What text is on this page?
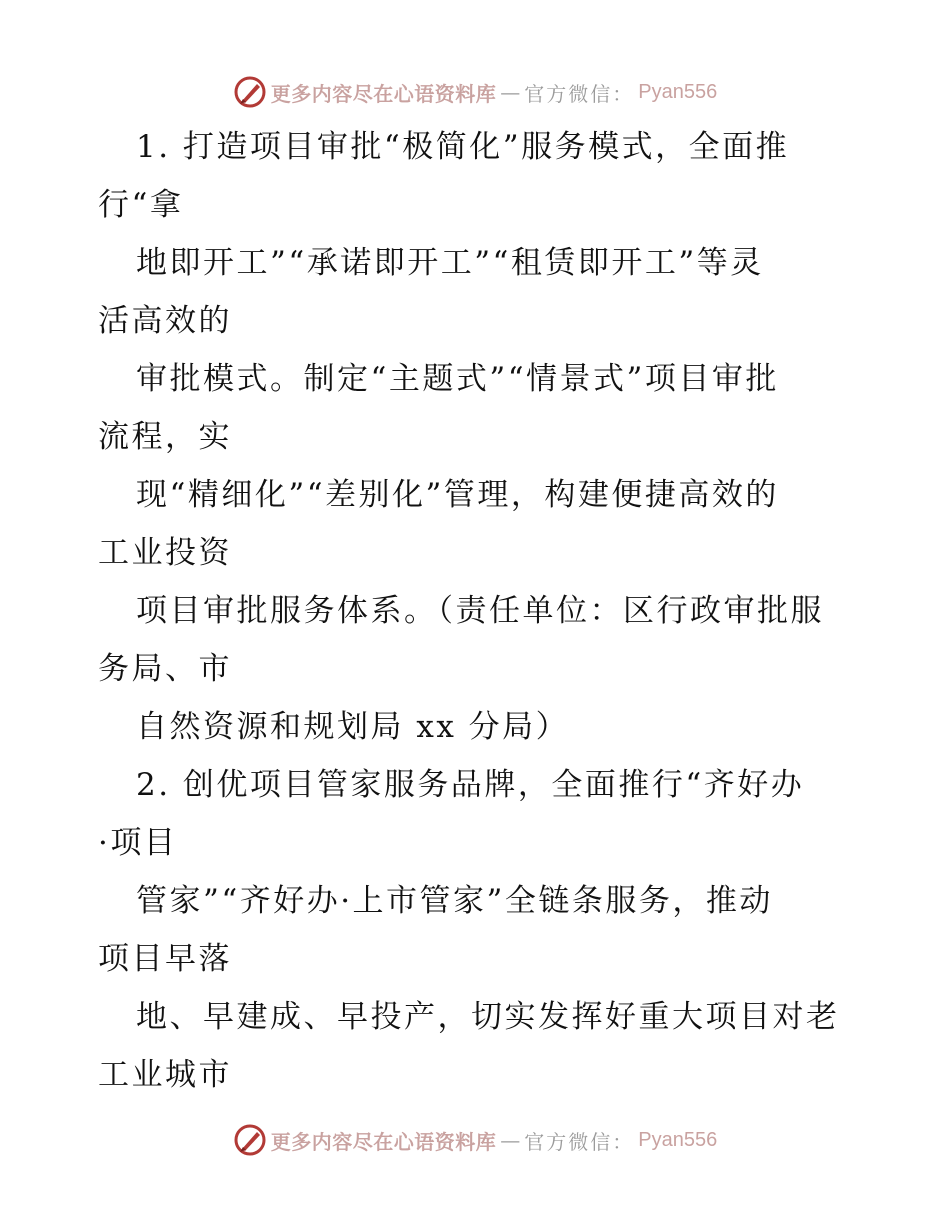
更多内容尽在心语资料库 — 官方微信： Pyan556
1. 打造项目审批“极简化”服务模式，全面推
行“拿
地即开工”“承诺即开工”“租赁即开工”等灵
活高效的
审批模式。制定“主题式”“情景式”项目审批
流程，实
现“精细化”“差别化”管理，构建便捷高效的
工业投资
项目审批服务体系。（责任单位：区行政审批服
务局、市
自然资源和规划局 xx 分局）
2. 创优项目管家服务品牌，全面推行“齐好办
·项目
管家”“齐好办·上市管家”全链条服务，推动
项目早落
地、早建成、早投产，切实发挥好重大项目对老
工业城市
更多内容尽在心语资料库 — 官方微信： Pyan556
